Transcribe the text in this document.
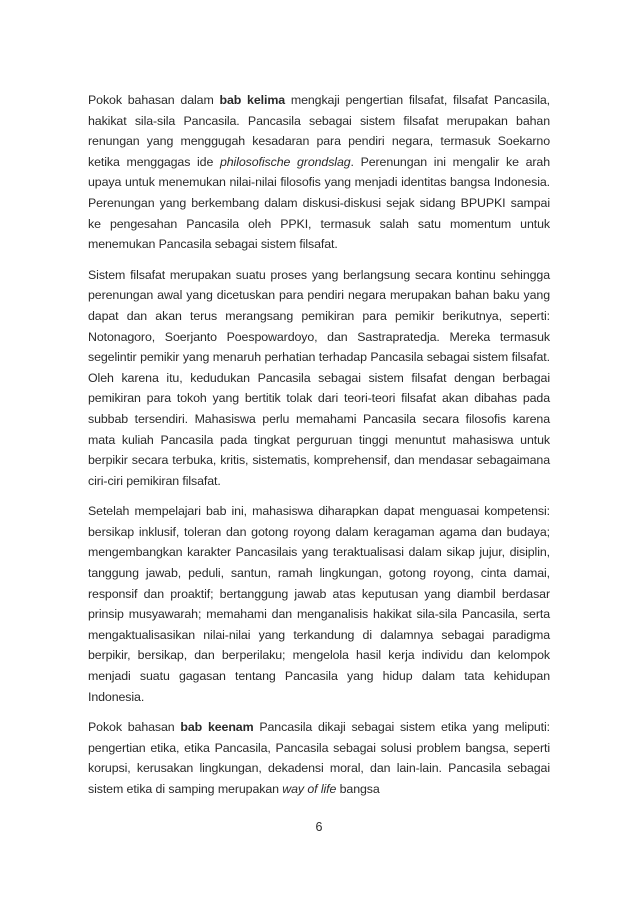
Pokok bahasan dalam bab kelima mengkaji pengertian filsafat, filsafat Pancasila, hakikat sila-sila Pancasila. Pancasila sebagai sistem filsafat merupakan bahan renungan yang menggugah kesadaran para pendiri negara, termasuk Soekarno ketika menggagas ide philosofische grondslag. Perenungan ini mengalir ke arah upaya untuk menemukan nilai-nilai filosofis yang menjadi identitas bangsa Indonesia. Perenungan yang berkembang dalam diskusi-diskusi sejak sidang BPUPKI sampai ke pengesahan Pancasila oleh PPKI, termasuk salah satu momentum untuk menemukan Pancasila sebagai sistem filsafat.

Sistem filsafat merupakan suatu proses yang berlangsung secara kontinu sehingga perenungan awal yang dicetuskan para pendiri negara merupakan bahan baku yang dapat dan akan terus merangsang pemikiran para pemikir berikutnya, seperti: Notonagoro, Soerjanto Poespowardoyo, dan Sastrapratedja. Mereka termasuk segelintir pemikir yang menaruh perhatian terhadap Pancasila sebagai sistem filsafat. Oleh karena itu, kedudukan Pancasila sebagai sistem filsafat dengan berbagai pemikiran para tokoh yang bertitik tolak dari teori-teori filsafat akan dibahas pada subbab tersendiri. Mahasiswa perlu memahami Pancasila secara filosofis karena mata kuliah Pancasila pada tingkat perguruan tinggi menuntut mahasiswa untuk berpikir secara terbuka, kritis, sistematis, komprehensif, dan mendasar sebagaimana ciri-ciri pemikiran filsafat.

Setelah mempelajari bab ini, mahasiswa diharapkan dapat menguasai kompetensi: bersikap inklusif, toleran dan gotong royong dalam keragaman agama dan budaya; mengembangkan karakter Pancasilais yang teraktualisasi dalam sikap jujur, disiplin, tanggung jawab, peduli, santun, ramah lingkungan, gotong royong, cinta damai, responsif dan proaktif; bertanggung jawab atas keputusan yang diambil berdasar prinsip musyawarah; memahami dan menganalisis hakikat sila-sila Pancasila, serta mengaktualisasikan nilai-nilai yang terkandung di dalamnya sebagai paradigma berpikir, bersikap, dan berperilaku; mengelola hasil kerja individu dan kelompok menjadi suatu gagasan tentang Pancasila yang hidup dalam tata kehidupan Indonesia.

Pokok bahasan bab keenam Pancasila dikaji sebagai sistem etika yang meliputi: pengertian etika, etika Pancasila, Pancasila sebagai solusi problem bangsa, seperti korupsi, kerusakan lingkungan, dekadensi moral, dan lain-lain. Pancasila sebagai sistem etika di samping merupakan way of life bangsa

6
